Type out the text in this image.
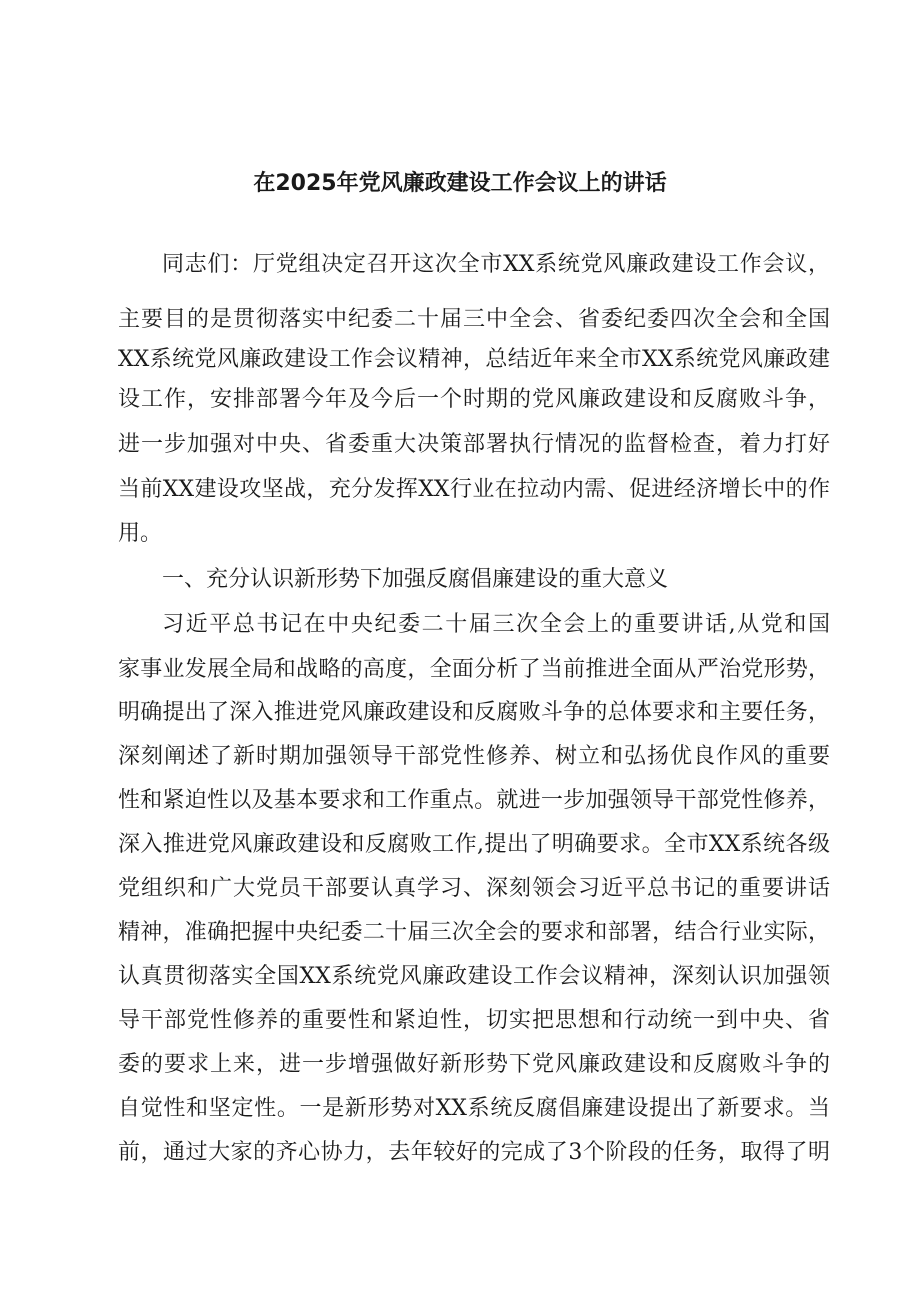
在2025年党风廉政建设工作会议上的讲话
同志们：厅党组决定召开这次全市XX系统党风廉政建设工作会议，
主要目的是贯彻落实中纪委二十届三中全会、省委纪委四次全会和全国
XX系统党风廉政建设工作会议精神，总结近年来全市XX系统党风廉政建
设工作，安排部署今年及今后一个时期的党风廉政建设和反腐败斗争，
进一步加强对中央、省委重大决策部署执行情况的监督检查，着力打好
当前XX建设攻坚战，充分发挥XX行业在拉动内需、促进经济增长中的作
用。
一、充分认识新形势下加强反腐倡廉建设的重大意义
习近平总书记在中央纪委二十届三次全会上的重要讲话,从党和国
家事业发展全局和战略的高度，全面分析了当前推进全面从严治党形势，
明确提出了深入推进党风廉政建设和反腐败斗争的总体要求和主要任务，
深刻阐述了新时期加强领导干部党性修养、树立和弘扬优良作风的重要
性和紧迫性以及基本要求和工作重点。就进一步加强领导干部党性修养，
深入推进党风廉政建设和反腐败工作,提出了明确要求。全市XX系统各级
党组织和广大党员干部要认真学习、深刻领会习近平总书记的重要讲话
精神，准确把握中央纪委二十届三次全会的要求和部署，结合行业实际，
认真贯彻落实全国XX系统党风廉政建设工作会议精神，深刻认识加强领
导干部党性修养的重要性和紧迫性，切实把思想和行动统一到中央、省
委的要求上来，进一步增强做好新形势下党风廉政建设和反腐败斗争的
自觉性和坚定性。一是新形势对XX系统反腐倡廉建设提出了新要求。当
前，通过大家的齐心协力，去年较好的完成了3个阶段的任务，取得了明
